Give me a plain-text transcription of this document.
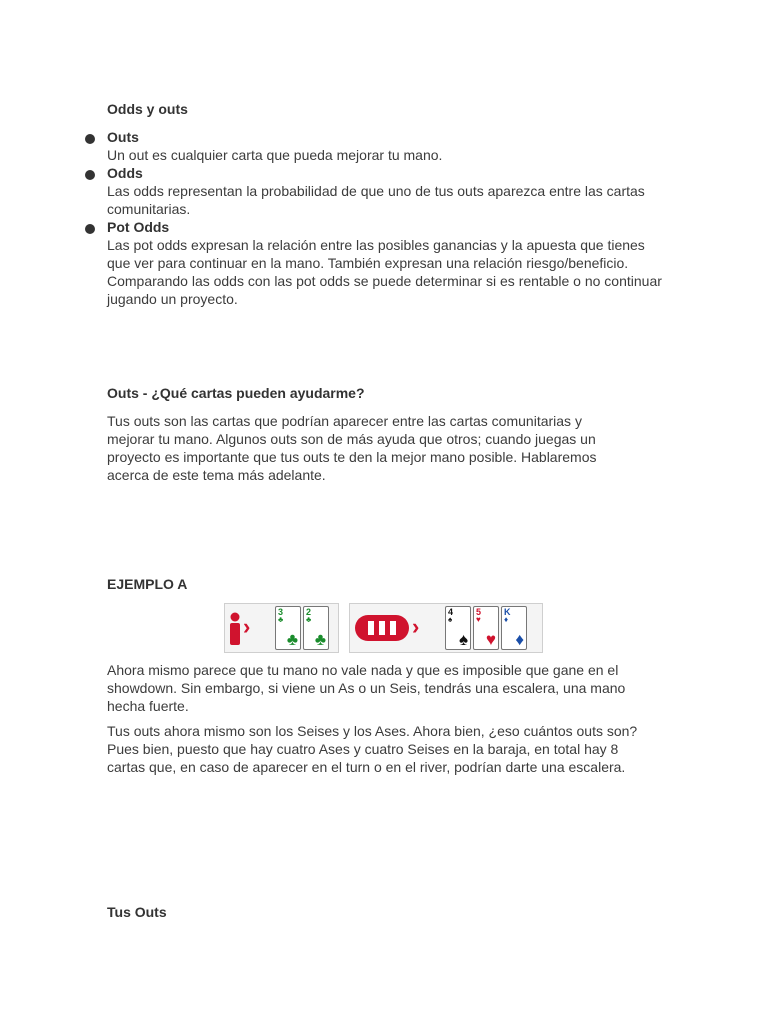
Odds y outs
Outs
Un out es cualquier carta que pueda mejorar tu mano.
Odds
Las odds representan la probabilidad de que uno de tus outs aparezca entre las cartas comunitarias.
Pot Odds
Las pot odds expresan la relación entre las posibles ganancias y la apuesta que tienes que ver para continuar en la mano. También expresan una relación riesgo/beneficio. Comparando las odds con las pot odds se puede determinar si es rentable o no continuar jugando un proyecto.
Outs - ¿Qué cartas pueden ayudarme?
Tus outs son las cartas que podrían aparecer entre las cartas comunitarias y mejorar tu mano. Algunos outs son de más ayuda que otros; cuando juegas un proyecto es importante que tus outs te den la mejor mano posible. Hablaremos acerca de este tema más adelante.
EJEMPLO A
Ahora mismo parece que tu mano no vale nada y que es imposible que gane en el showdown. Sin embargo, si viene un As o un Seis, tendrás una escalera, una mano hecha fuerte.
Tus outs ahora mismo son los Seises y los Ases. Ahora bien, ¿eso cuántos outs son? Pues bien, puesto que hay cuatro Ases y cuatro Seises en la baraja, en total hay 8 cartas que, en caso de aparecer en el turn o en el river, podrían darte una escalera.
Tus Outs
›
3
♣
♣
2
♣
♣
›
4
♠
♠
5
♥
♥
K
♦
♦
